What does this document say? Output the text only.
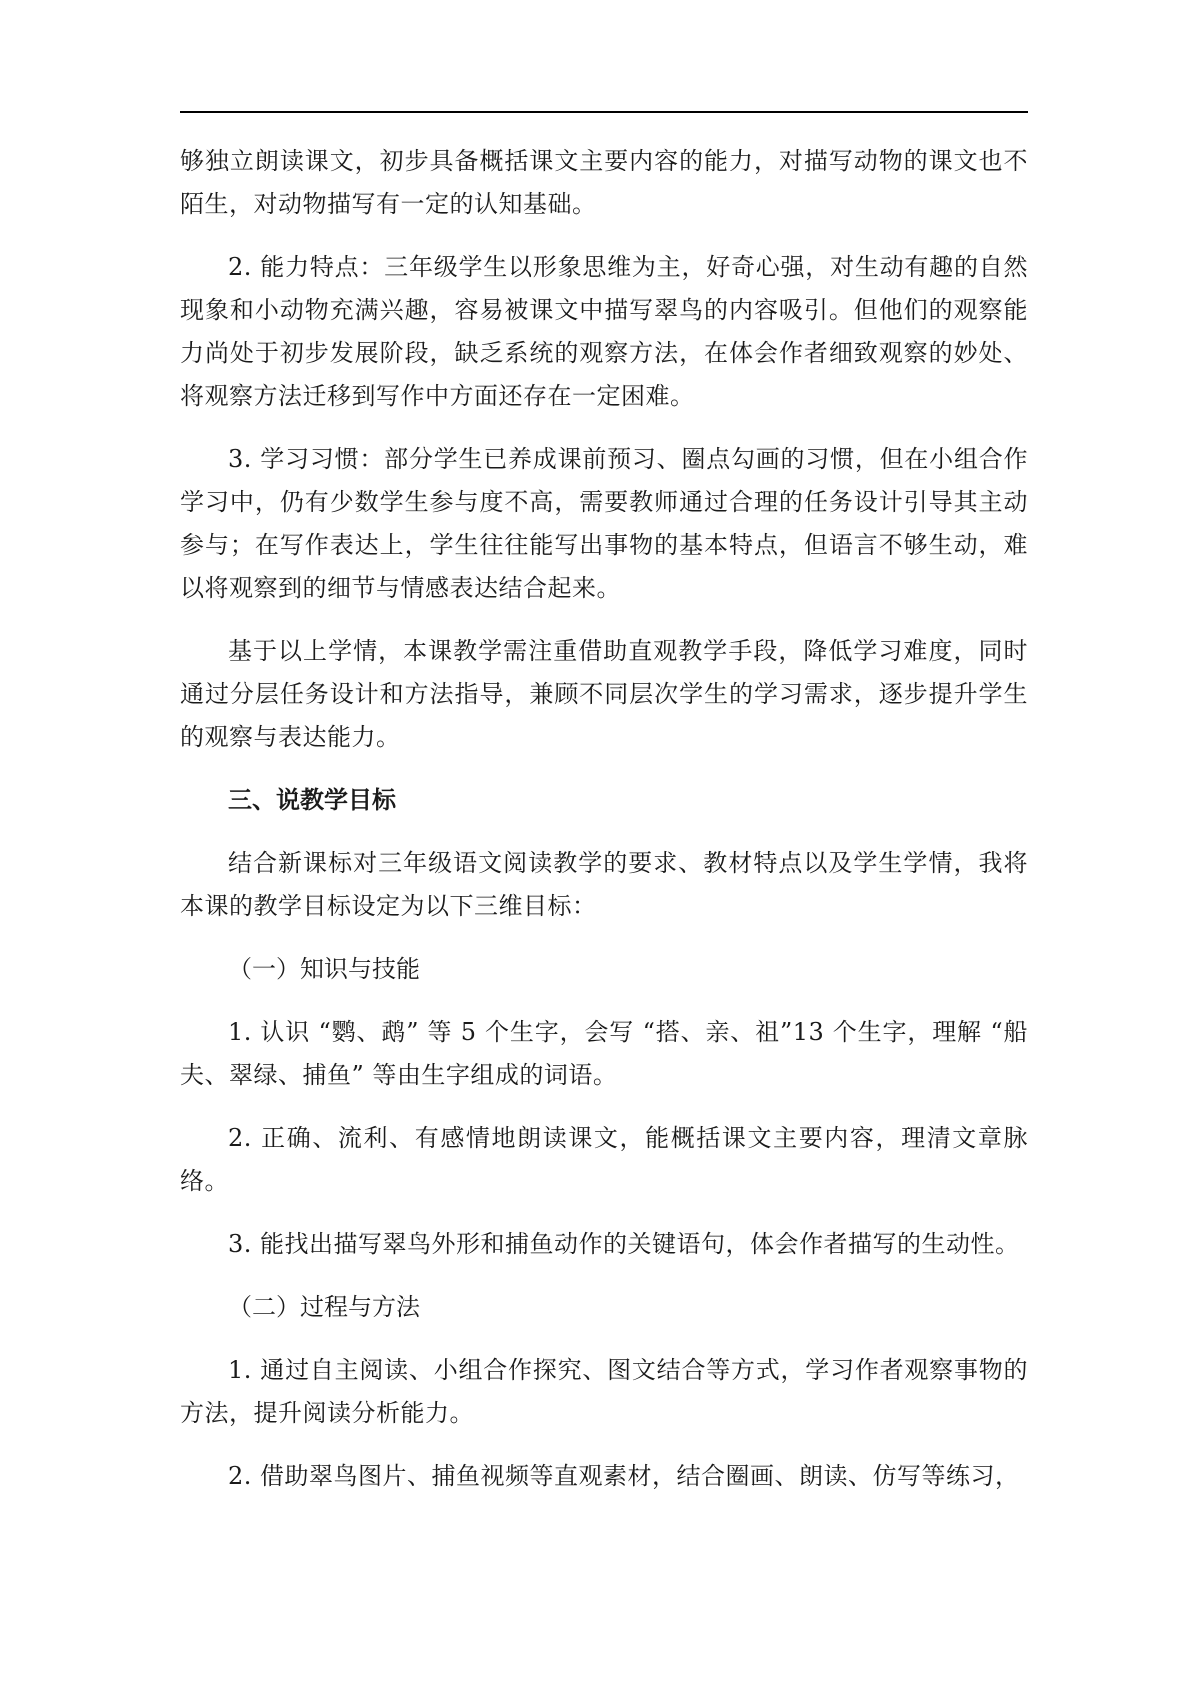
够独立朗读课文，初步具备概括课文主要内容的能力，对描写动物的课文也不陌生，对动物描写有一定的认知基础。

2. 能力特点：三年级学生以形象思维为主，好奇心强，对生动有趣的自然现象和小动物充满兴趣，容易被课文中描写翠鸟的内容吸引。但他们的观察能力尚处于初步发展阶段，缺乏系统的观察方法，在体会作者细致观察的妙处、将观察方法迁移到写作中方面还存在一定困难。

3. 学习习惯：部分学生已养成课前预习、圈点勾画的习惯，但在小组合作学习中，仍有少数学生参与度不高，需要教师通过合理的任务设计引导其主动参与；在写作表达上，学生往往能写出事物的基本特点，但语言不够生动，难以将观察到的细节与情感表达结合起来。

基于以上学情，本课教学需注重借助直观教学手段，降低学习难度，同时通过分层任务设计和方法指导，兼顾不同层次学生的学习需求，逐步提升学生的观察与表达能力。

三、说教学目标

结合新课标对三年级语文阅读教学的要求、教材特点以及学生学情，我将本课的教学目标设定为以下三维目标：

（一）知识与技能

1. 认识 “鹦、鹉” 等 5 个生字，会写 “搭、亲、祖”13 个生字，理解 “船夫、翠绿、捕鱼” 等由生字组成的词语。

2. 正确、流利、有感情地朗读课文，能概括课文主要内容，理清文章脉络。

3. 能找出描写翠鸟外形和捕鱼动作的关键语句，体会作者描写的生动性。

（二）过程与方法

1. 通过自主阅读、小组合作探究、图文结合等方式，学习作者观察事物的方法，提升阅读分析能力。

2. 借助翠鸟图片、捕鱼视频等直观素材，结合圈画、朗读、仿写等练习，
